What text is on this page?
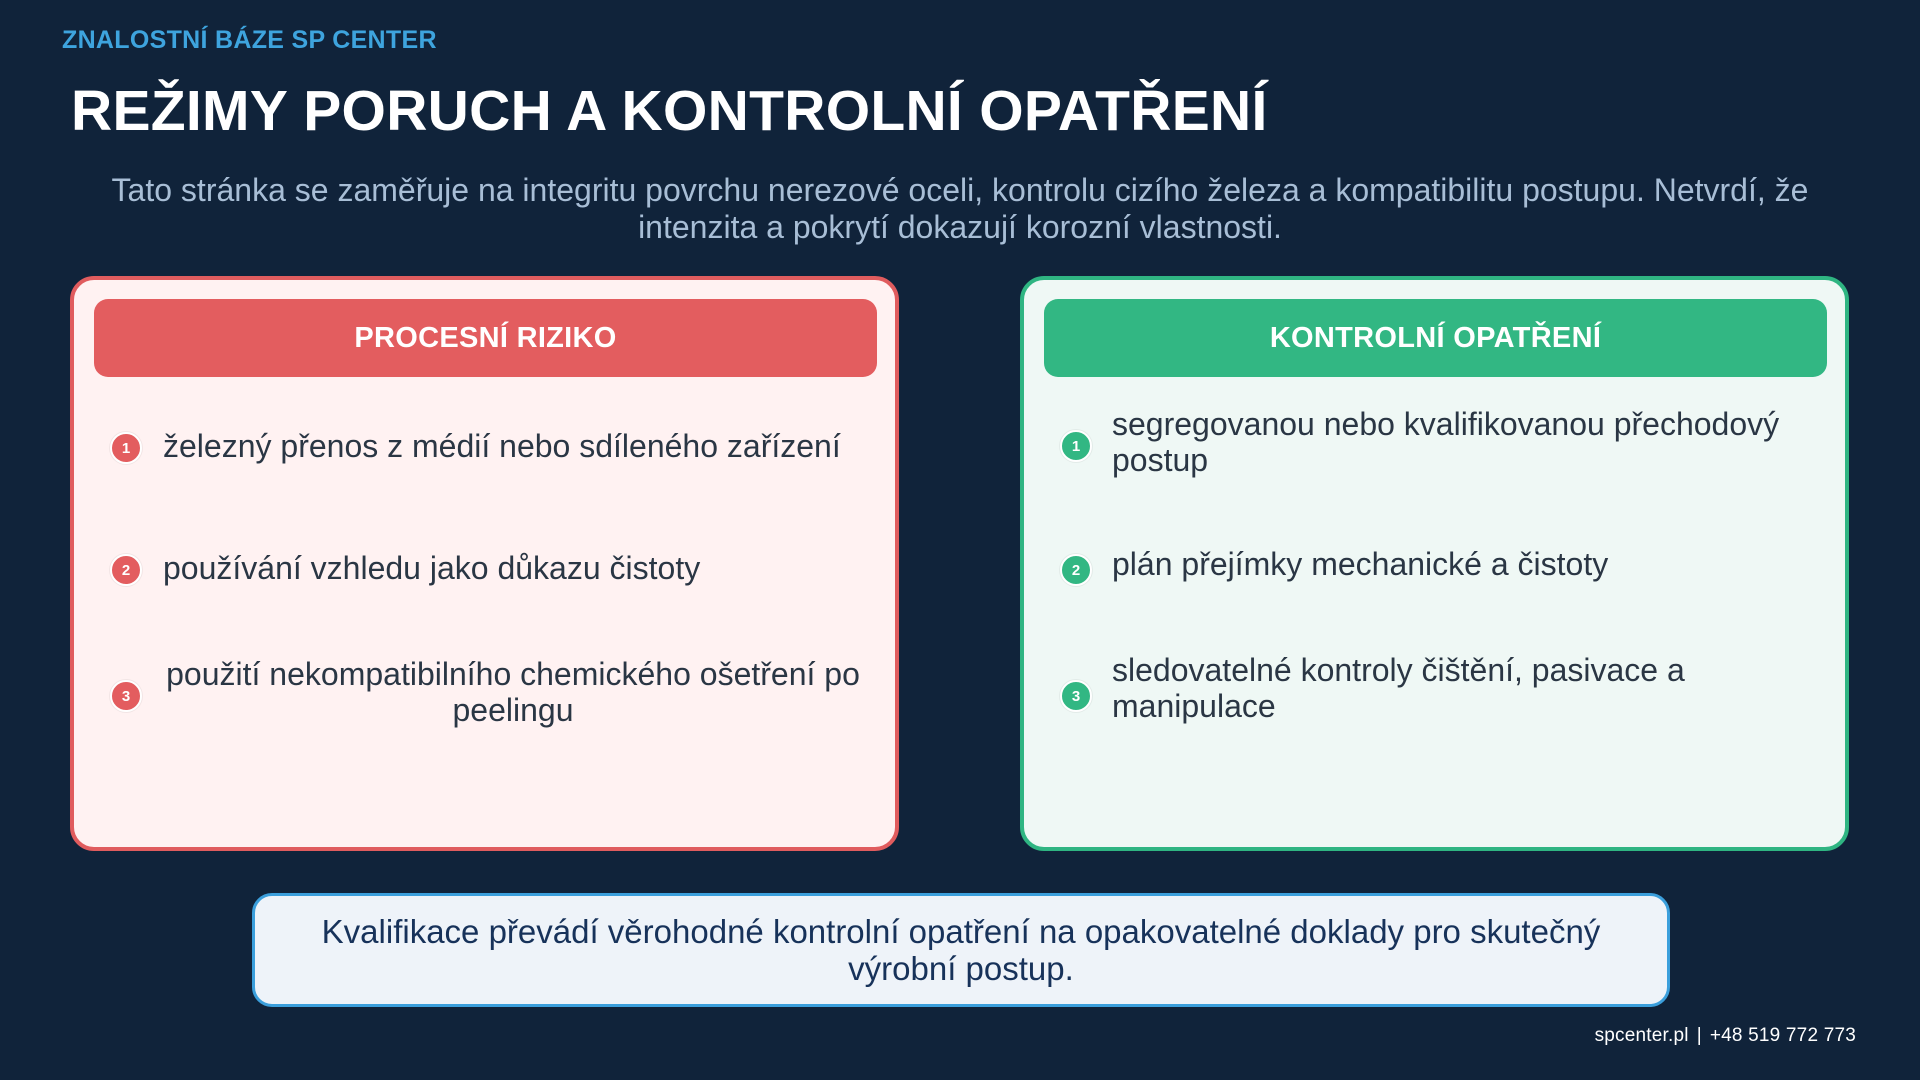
ZNALOSTNÍ BÁZE SP CENTER
REŽIMY PORUCH A KONTROLNÍ OPATŘENÍ

Tato stránka se zaměřuje na integritu povrchu nerezové oceli, kontrolu cizího železa a kompatibilitu postupu. Netvrdí, že intenzita a pokrytí dokazují korozní vlastnosti.

PROCESNÍ RIZIKO
1	železný přenos z médií nebo sdíleného zařízení
2	používání vzhledu jako důkazu čistoty
3
použití nekompatibilního chemického ošetření po peelingu
KONTROLNÍ OPATŘENÍ
1
segregovanou nebo kvalifikovanou přechodový postup
2 plán přejímky mechanické a čistoty
3
sledovatelné kontroly čištění, pasivace a manipulace

Kvalifikace převádí věrohodné kontrolní opatření na opakovatelné doklady pro skutečný výrobní postup.

spcenter.pl | +48 519 772 773
